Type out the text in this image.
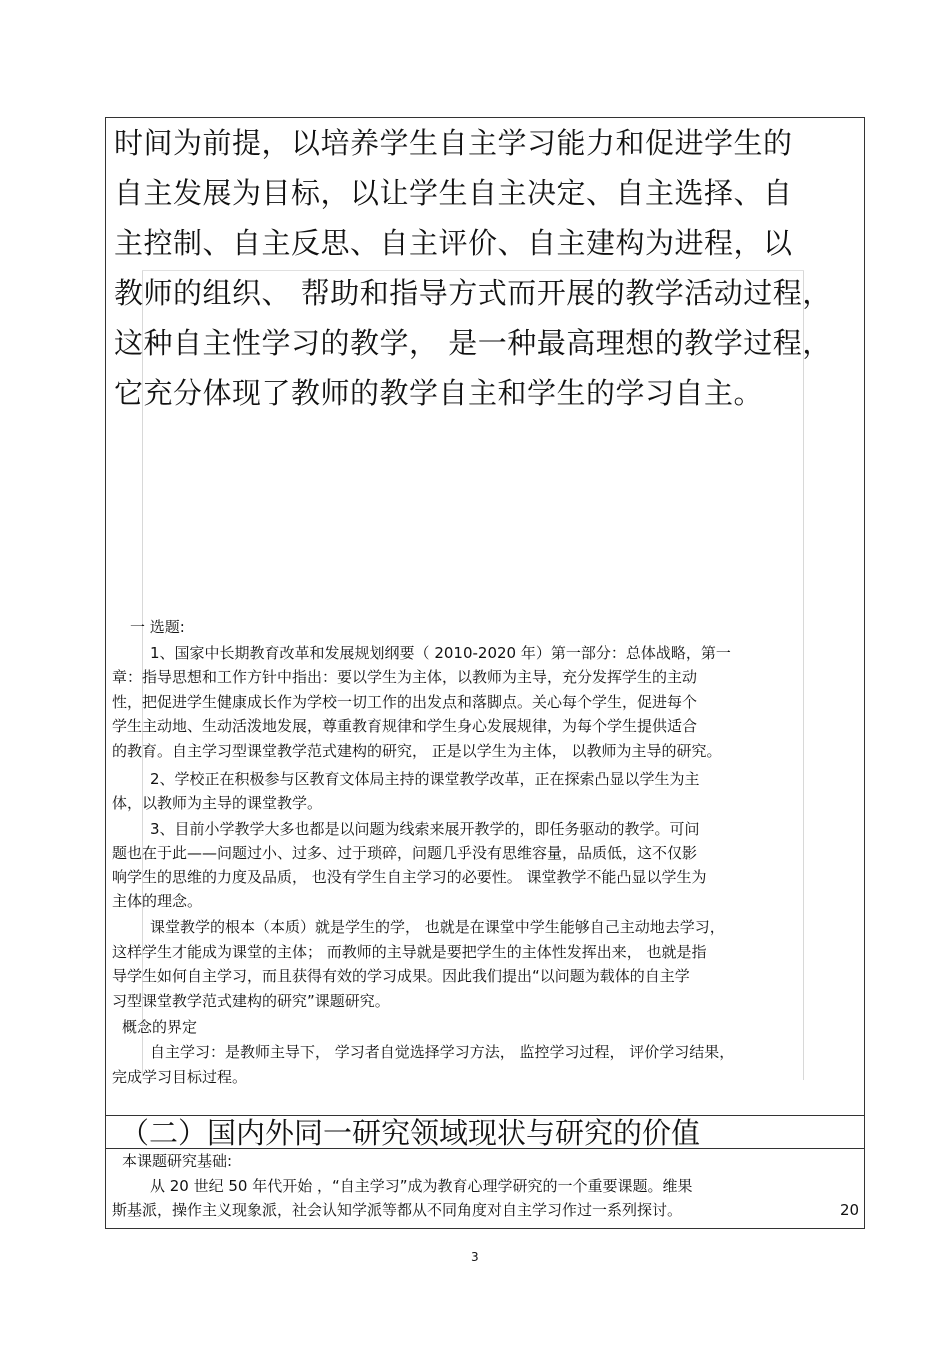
时间为前提，以培养学生自主学习能力和促进学生的
自主发展为目标，以让学生自主决定、自主选择、自
主控制、自主反思、自主评价、自主建构为进程，以
教师的组织、 帮助和指导方式而开展的教学活动过程，
这种自主性学习的教学， 是一种最高理想的教学过程，
它充分体现了教师的教学自主和学生的学习自主。
一 选题:
1、国家中长期教育改革和发展规划纲要（ 2010-2020 年）第一部分：总体战略，第一
章：指导思想和工作方针中指出：要以学生为主体，以教师为主导，充分发挥学生的主动
性，把促进学生健康成长作为学校一切工作的出发点和落脚点。关心每个学生，促进每个
学生主动地、生动活泼地发展，尊重教育规律和学生身心发展规律，为每个学生提供适合
的教育。自主学习型课堂教学范式建构的研究， 正是以学生为主体， 以教师为主导的研究。
2、学校正在积极参与区教育文体局主持的课堂教学改革，正在探索凸显以学生为主
体，以教师为主导的课堂教学。
3、目前小学教学大多也都是以问题为线索来展开教学的，即任务驱动的教学。可问
题也在于此——问题过小、过多、过于琐碎，问题几乎没有思维容量，品质低，这不仅影
响学生的思维的力度及品质， 也没有学生自主学习的必要性。 课堂教学不能凸显以学生为
主体的理念。
课堂教学的根本（本质）就是学生的学， 也就是在课堂中学生能够自己主动地去学习，
这样学生才能成为课堂的主体； 而教师的主导就是要把学生的主体性发挥出来， 也就是指
导学生如何自主学习，而且获得有效的学习成果。因此我们提出“以问题为载体的自主学
习型课堂教学范式建构的研究”课题研究。
概念的界定
自主学习：是教师主导下， 学习者自觉选择学习方法， 监控学习过程， 评价学习结果，
完成学习目标过程。
（二）国内外同一研究领域现状与研究的价值
本课题研究基础:
从 20 世纪 50 年代开始 ，“自主学习”成为教育心理学研究的一个重要课题。维果
斯基派，操作主义现象派，社会认知学派等都从不同角度对自主学习作过一系列探讨。	20
3
